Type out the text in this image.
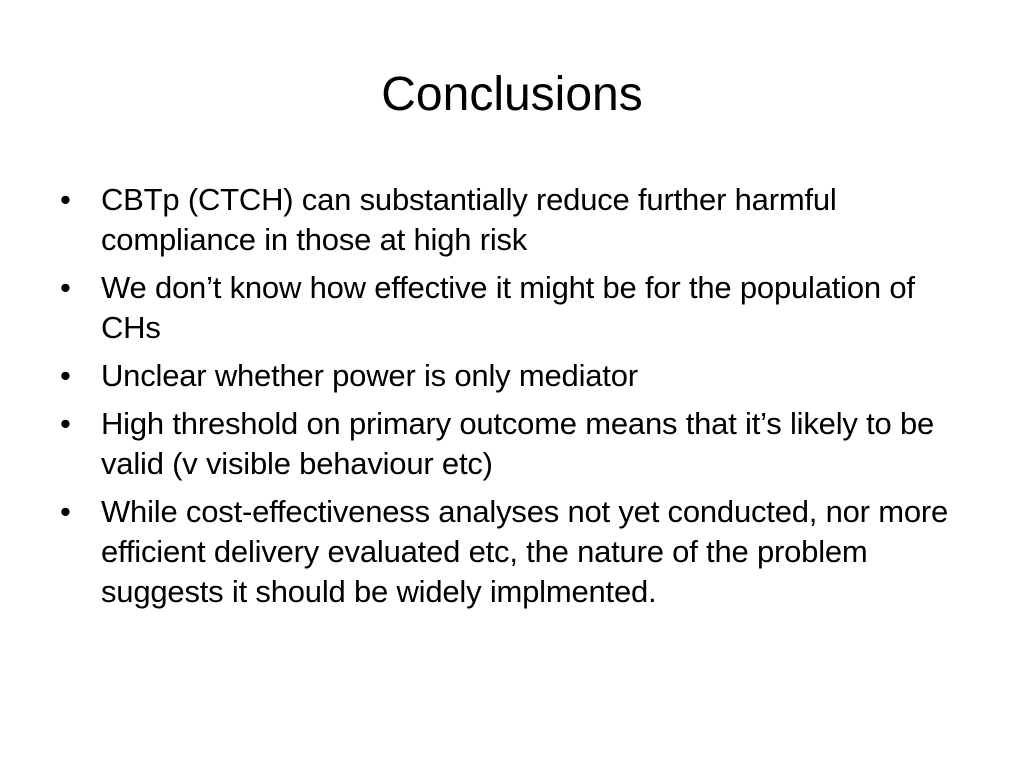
Conclusions
• CBTp (CTCH) can substantially reduce further harmful compliance in those at high risk
• We don’t know how effective it might be for the population of CHs
• Unclear whether power is only mediator
• High threshold on primary outcome means that it’s likely to be valid (v visible behaviour etc)
• While cost-effectiveness analyses not yet conducted, nor more efficient delivery evaluated etc, the nature of the problem suggests it should be widely implmented.
